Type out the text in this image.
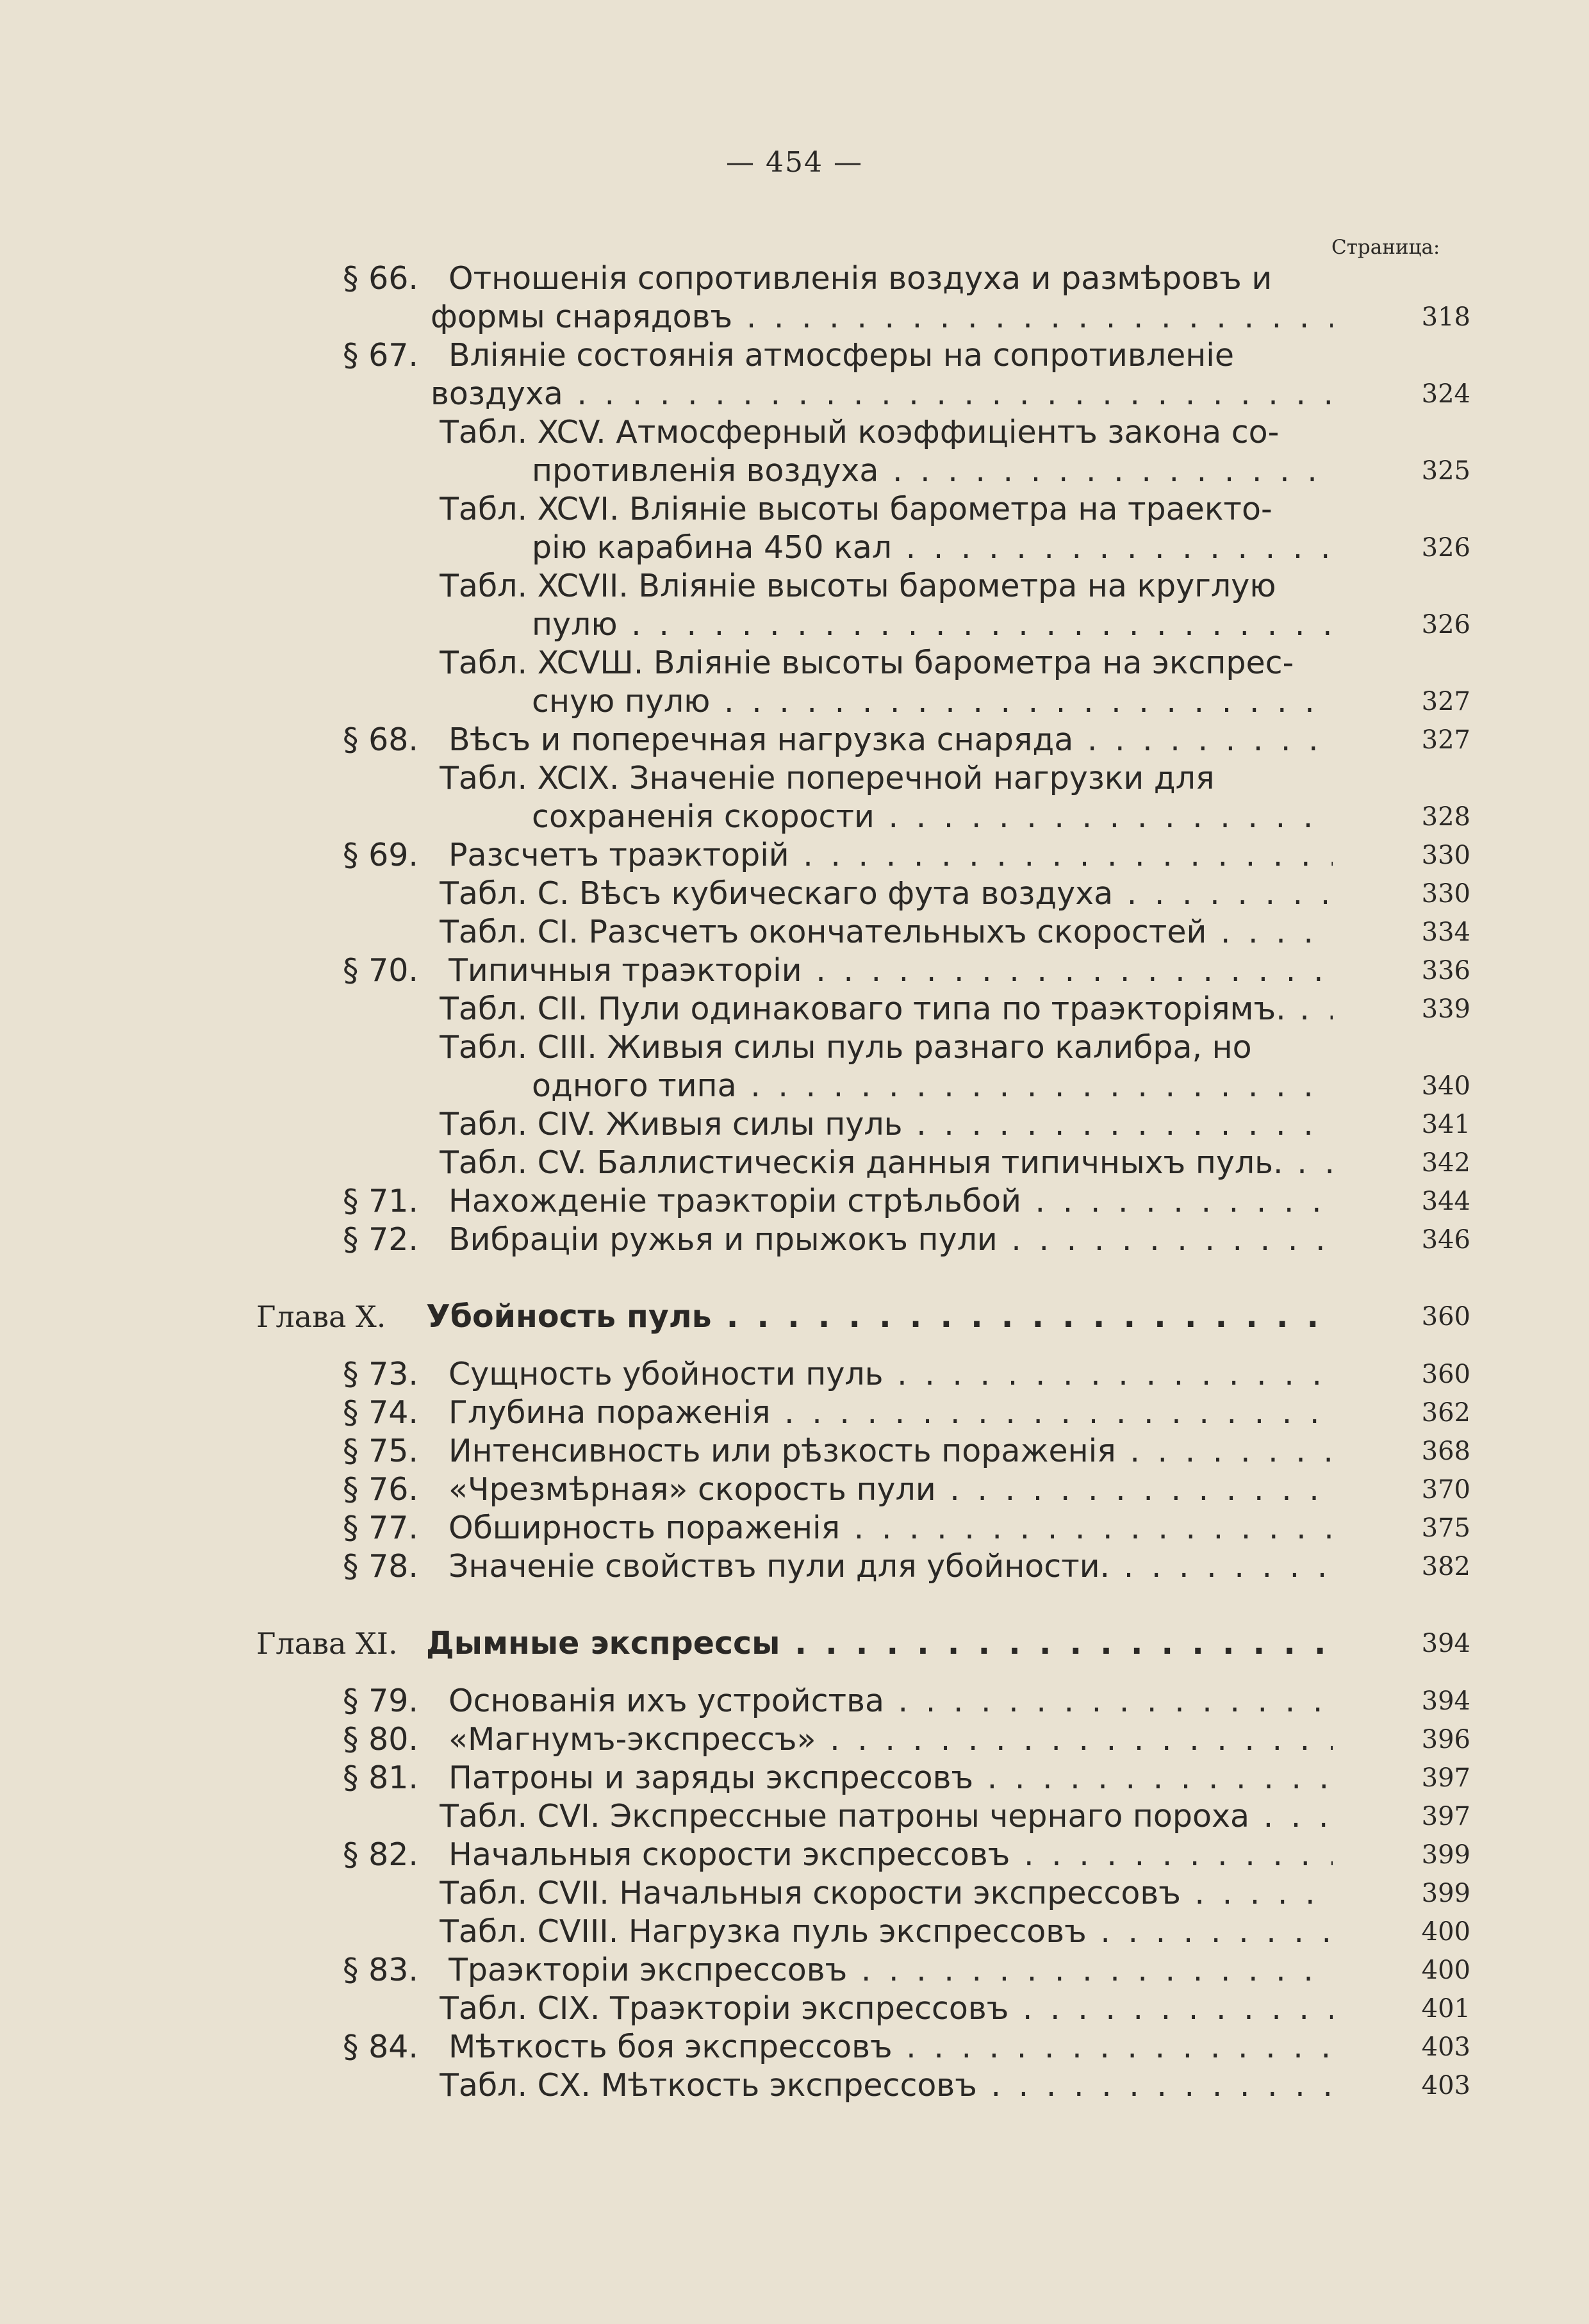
— 454 —
Страница:
§ 66. Отношенія сопротивленія воздуха и размѣровъ и
формы снарядовъ . . .	318
§ 67. Вліяніе состоянія атмосферы на сопротивленіе
воздуха . . .	324
Табл. XCV. Атмосферный коэффиціентъ закона со-
противленія воздуха . . .	325
Табл. XCVI. Вліяніе высоты барометра на траекто-
рію карабина 450 кал . . .	326
Табл. XCVII. Вліяніе высоты барометра на круглую
пулю . . .	326
Табл. XCVШ. Вліяніе высоты барометра на экспрес-
сную пулю . . .	327
§ 68. Вѣсъ и поперечная нагрузка снаряда . . .	327
Табл. XCIX. Значеніе поперечной нагрузки для
сохраненія скорости . . .	328
§ 69. Разсчетъ траэкторій . . .	330
Табл. С. Вѣсъ кубическаго фута воздуха . . .	330
Табл. CI. Разсчетъ окончательныхъ скоростей . . .	334
§ 70. Типичныя траэкторіи . . .	336
Табл. CII. Пули одинаковаго типа по траэкторіямъ. . . .	339
Табл. CIII. Живыя силы пуль разнаго калибра, но
одного типа . . .	340
Табл. CIV. Живыя силы пуль . . .	341
Табл. CV. Баллистическія данныя типичныхъ пуль. . . .	342
§ 71. Нахожденіе траэкторіи стрѣльбой . . .	344
§ 72. Вибраціи ружья и прыжокъ пули . . .	346
Глава X. Убойность пуль . . .	360
§ 73. Сущность убойности пуль . . .	360
§ 74. Глубина пораженія . . .	362
§ 75. Интенсивность или рѣзкость пораженія . . .	368
§ 76. «Чрезмѣрная» скорость пули . . .	370
§ 77. Обширность пораженія . . .	375
§ 78. Значеніе свойствъ пули для убойности. . . .	382
Глава XI. Дымные экспрессы . . .	394
§ 79. Основанія ихъ устройства . . .	394
§ 80. «Магнумъ-экспрессъ» . . .	396
§ 81. Патроны и заряды экспрессовъ . . .	397
Табл. CVI. Экспрессные патроны чернаго пороха . . .	397
§ 82. Начальныя скорости экспрессовъ . . .	399
Табл. CVII. Начальныя скорости экспрессовъ . . .	399
Табл. CVIII. Нагрузка пуль экспрессовъ . . .	400
§ 83. Траэкторіи экспрессовъ . . .	400
Табл. CIX. Траэкторіи экспрессовъ . . .	401
§ 84. Мѣткость боя экспрессовъ . . .	403
Табл. CX. Мѣткость экспрессовъ . . .	403
